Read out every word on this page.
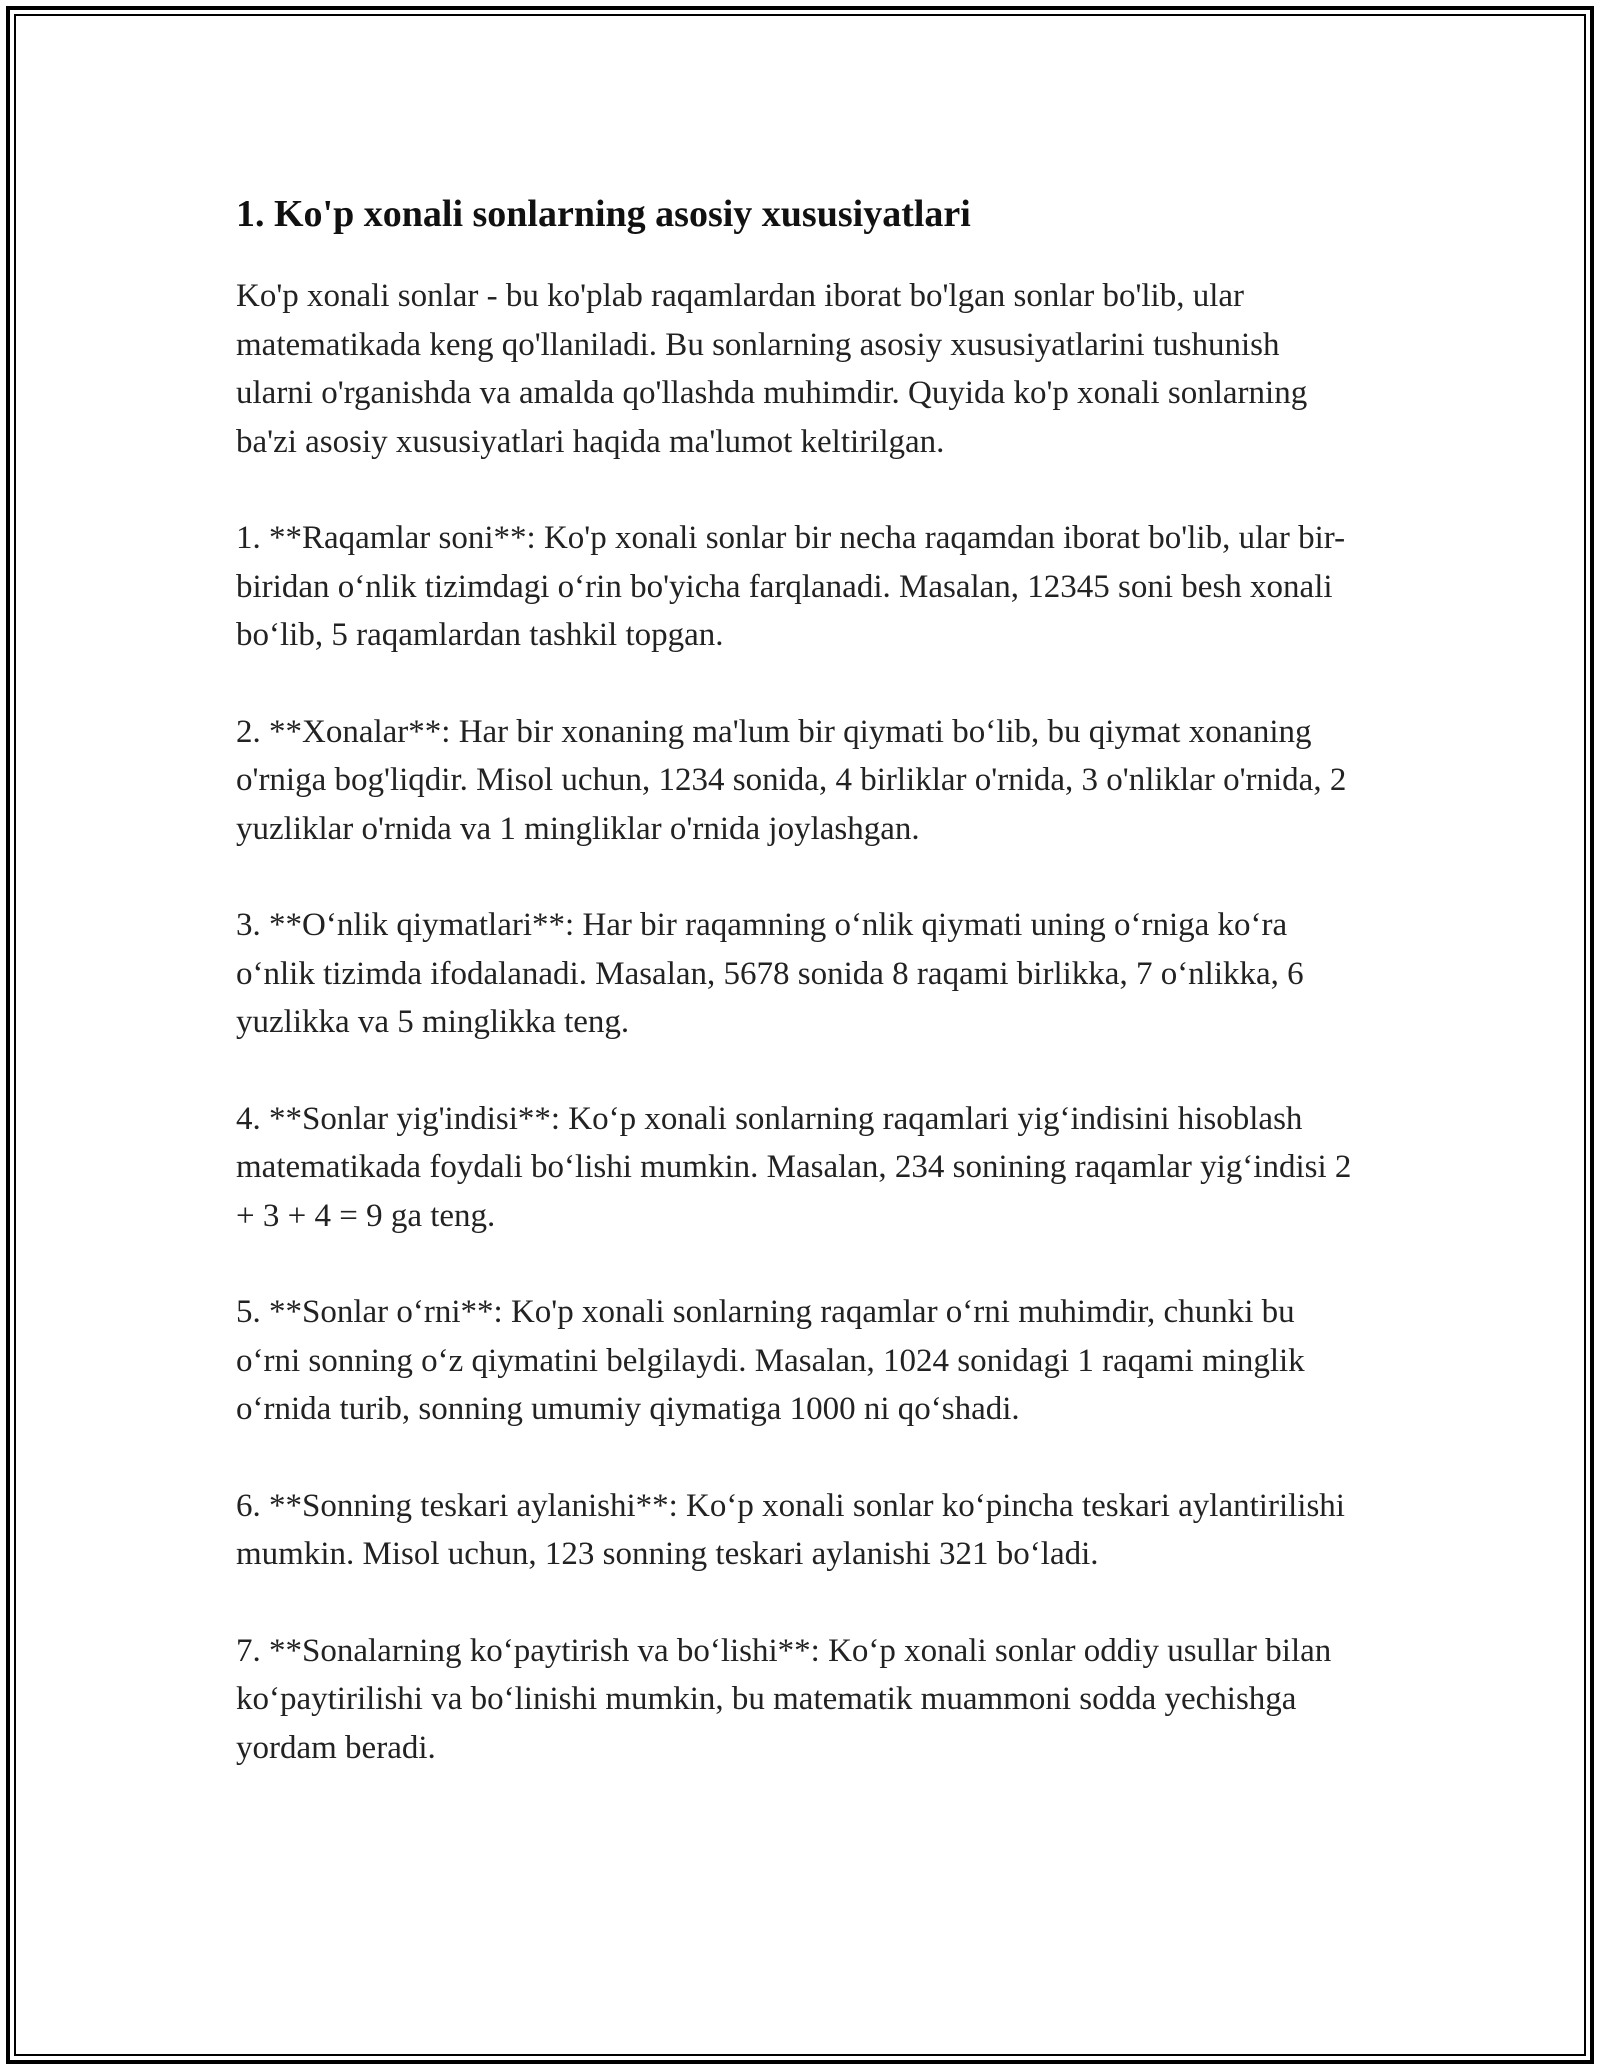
1. Ko'p xonali sonlarning asosiy xususiyatlari

Ko'p xonali sonlar - bu ko'plab raqamlardan iborat bo'lgan sonlar bo'lib, ular matematikada keng qo'llaniladi. Bu sonlarning asosiy xususiyatlarini tushunish ularni o'rganishda va amalda qo'llashda muhimdir. Quyida ko'p xonali sonlarning ba'zi asosiy xususiyatlari haqida ma'lumot keltirilgan.

1. **Raqamlar soni**: Ko'p xonali sonlar bir necha raqamdan iborat bo'lib, ular bir-biridan o‘nlik tizimdagi o‘rin bo'yicha farqlanadi. Masalan, 12345 soni besh xonali bo‘lib, 5 raqamlardan tashkil topgan.

2. **Xonalar**: Har bir xonaning ma'lum bir qiymati bo‘lib, bu qiymat xonaning o'rniga bog'liqdir. Misol uchun, 1234 sonida, 4 birliklar o'rnida, 3 o'nliklar o'rnida, 2 yuzliklar o'rnida va 1 mingliklar o'rnida joylashgan.

3. **O‘nlik qiymatlari**: Har bir raqamning o‘nlik qiymati uning o‘rniga ko‘ra o‘nlik tizimda ifodalanadi. Masalan, 5678 sonida 8 raqami birlikka, 7 o‘nlikka, 6 yuzlikka va 5 minglikka teng.

4. **Sonlar yig'indisi**: Ko‘p xonali sonlarning raqamlari yig‘indisini hisoblash matematikada foydali bo‘lishi mumkin. Masalan, 234 sonining raqamlar yig‘indisi 2 + 3 + 4 = 9 ga teng.

5. **Sonlar o‘rni**: Ko'p xonali sonlarning raqamlar o‘rni muhimdir, chunki bu o‘rni sonning o‘z qiymatini belgilaydi. Masalan, 1024 sonidagi 1 raqami minglik o‘rnida turib, sonning umumiy qiymatiga 1000 ni qo‘shadi.

6. **Sonning teskari aylanishi**: Ko‘p xonali sonlar ko‘pincha teskari aylantirilishi mumkin. Misol uchun, 123 sonning teskari aylanishi 321 bo‘ladi.

7. **Sonalarning ko‘paytirish va bo‘lishi**: Ko‘p xonali sonlar oddiy usullar bilan ko‘paytirilishi va bo‘linishi mumkin, bu matematik muammoni sodda yechishga yordam beradi.
